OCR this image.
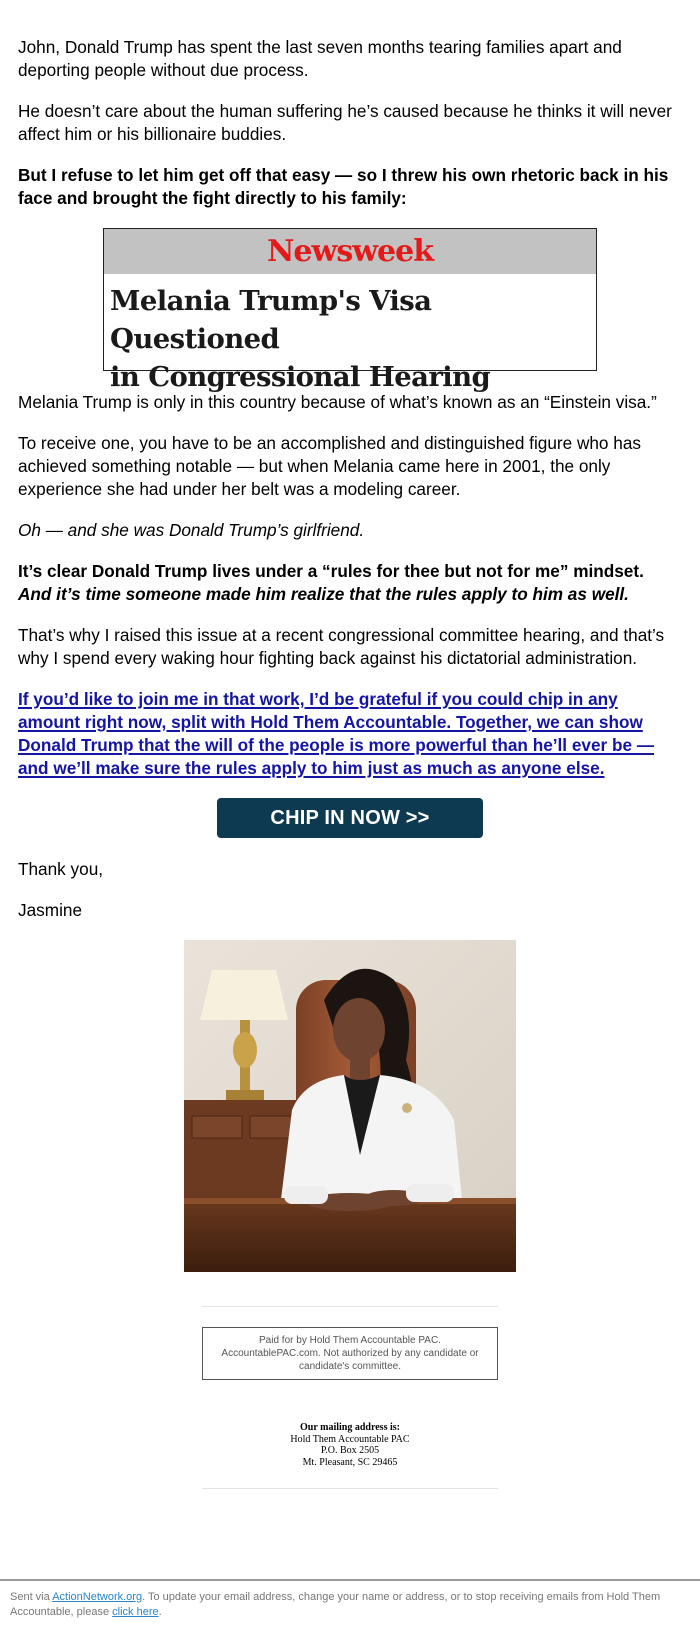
John, Donald Trump has spent the last seven months tearing families apart and deporting people without due process.

He doesn’t care about the human suffering he’s caused because he thinks it will never affect him or his billionaire buddies.

But I refuse to let him get off that easy — so I threw his own rhetoric back in his face and brought the fight directly to his family:

Newsweek
Melania Trump's Visa Questioned
in Congressional Hearing

Melania Trump is only in this country because of what’s known as an “Einstein visa.”

To receive one, you have to be an accomplished and distinguished figure who has achieved something notable — but when Melania came here in 2001, the only experience she had under her belt was a modeling career.

Oh — and she was Donald Trump’s girlfriend.

It’s clear Donald Trump lives under a “rules for thee but not for me” mindset. And it’s time someone made him realize that the rules apply to him as well.

That’s why I raised this issue at a recent congressional committee hearing, and that’s why I spend every waking hour fighting back against his dictatorial administration.

If you’d like to join me in that work, I’d be grateful if you could chip in any amount right now, split with Hold Them Accountable. Together, we can show Donald Trump that the will of the people is more powerful than he’ll ever be — and we’ll make sure the rules apply to him just as much as anyone else.

CHIP IN NOW >>

Thank you,

Jasmine

Paid for by Hold Them Accountable PAC. AccountablePAC.com. Not authorized by any candidate or candidate's committee.
Our mailing address is:
Hold Them Accountable PAC
P.O. Box 2505
Mt. Pleasant, SC 29465
Sent via ActionNetwork.org. To update your email address, change your name or address, or to stop receiving emails from Hold Them Accountable, please click here.
